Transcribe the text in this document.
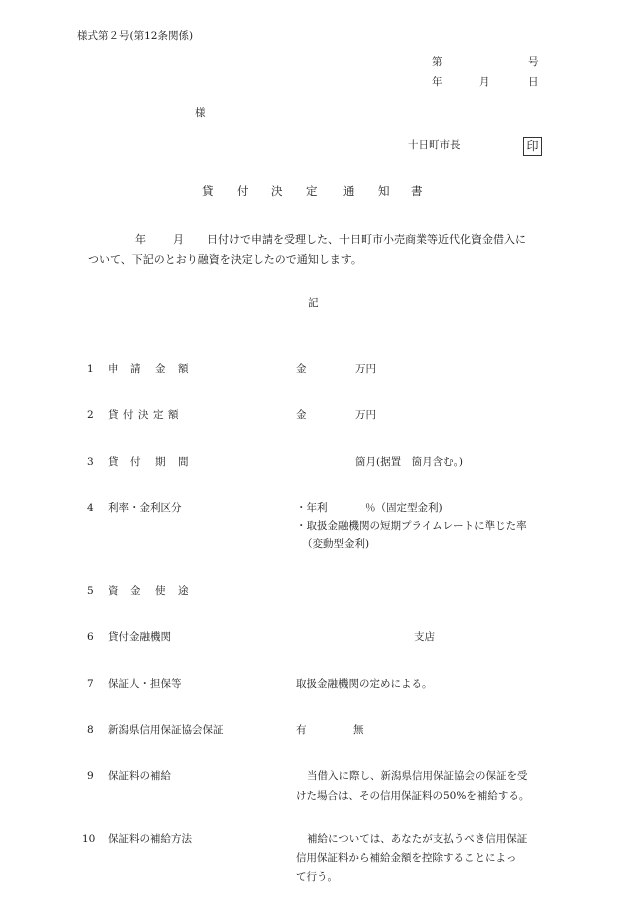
様式第２号(第12条関係)
第	号
年	月	日
様
十日町市長	印
貸 付 決 定 通 知 書
年 月 日付けで申請を受理した、十日町市小売商業等近代化資金借入に
ついて、下記のとおり融資を決定したので通知します。
記
1 申 請 金 額	金	万円
2 貸付決定額	金	万円
3 貸 付 期 間	箇月(据置　箇月含む。)
4 利率・金利区分	・年利	％（固定型金利)
・取扱金融機関の短期プライムレートに準じた率
（変動型金利)
5 資 金 使 途
6 貸付金融機関	支店
7 保証人・担保等	取扱金融機関の定めによる。
8 新潟県信用保証協会保証	有	無
9 保証料の補給	当借入に際し、新潟県信用保証協会の保証を受
けた場合は、その信用保証料の50%を補給する。
10 保証料の補給方法	補給については、あなたが支払うべき信用保証
信用保証料から補給金額を控除することによっ
て行う。
